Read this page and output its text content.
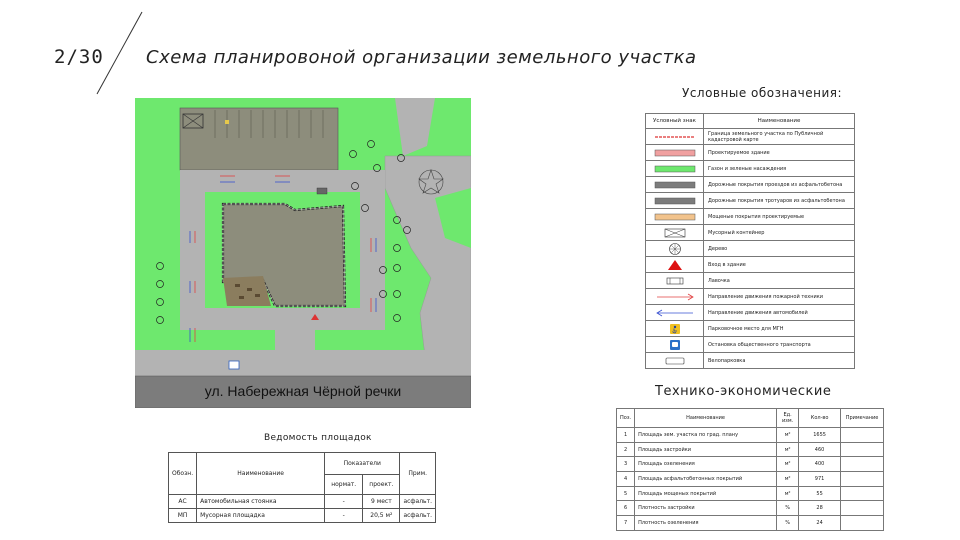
2/30 Схема планировоной организации земельного участка
ул. Набережная Чёрной речки
Условные обозначения:
Условный знак	Наименование

	Граница земельного участка по Публичной кадастровой карте

	Проектируемое здание

	Газон и зеленые насаждения

	Дорожные покрытия проездов из асфальтобетона

	Дорожные покрытия тротуаров из асфальтобетона

	Мощеные покрытия проектируемые

	Мусорный контейнер

	Дерево

	Вход в здание

	Лавочка

	Направление движения пожарной техники

	Направление движения автомобилей

	Парковочное место для МГН

	Остановка общественного транспорта

	Велопарковка
Технико-экономические
Поз.	Наименование	Ед. изм.	Кол-во	Примечание
1	Площадь зем. участка по град. плану	м²	1655	
2	Площадь застройки	м²	460	
3	Площадь озеленения	м²	400	
4	Площадь асфальтобетонных покрытий	м²	971	
5	Площадь мощеных покрытий	м²	55	
6	Плотность застройки	%	28	
7	Плотность озеленения	%	24	
Ведомость площадок
Обозн.	Наименование	Показатели		Прим.
		нормат.	проект.	
АС	Автомобильная стоянка	-	9 мест	асфальт.
МП	Мусорная площадка	-	20,5 м²	асфальт.
